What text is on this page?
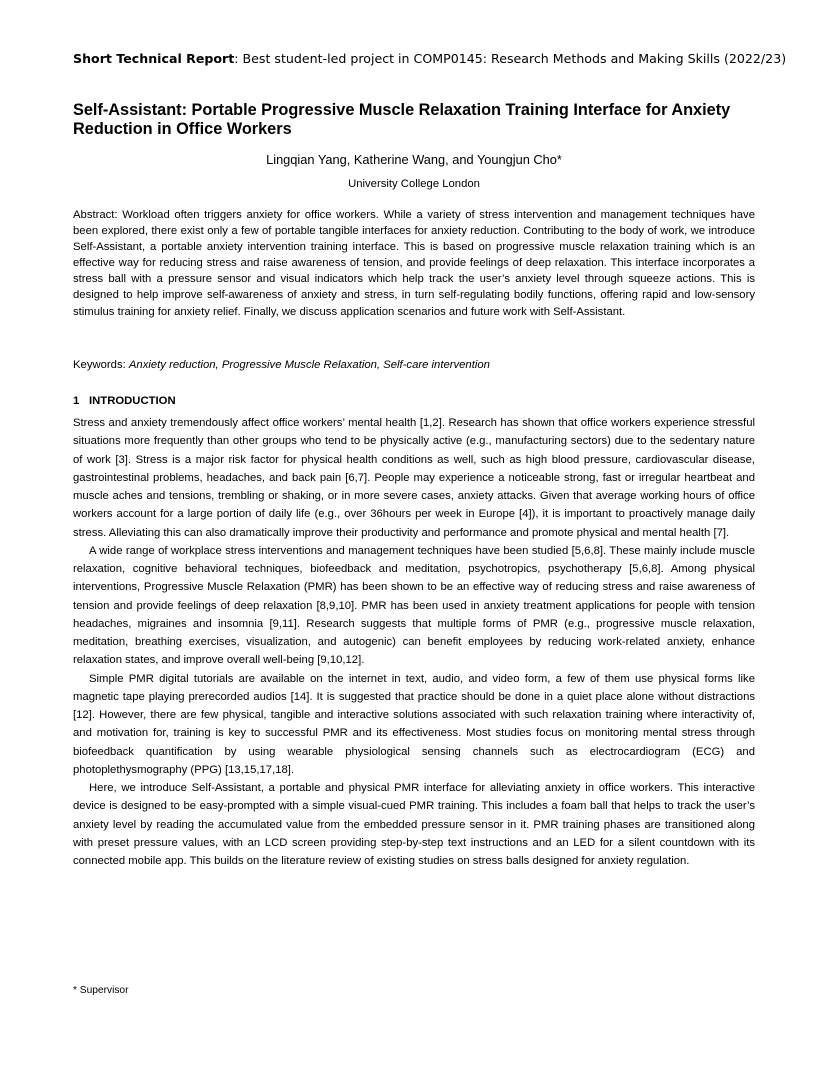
Short Technical Report: Best student-led project in COMP0145: Research Methods and Making Skills (2022/23)
Self-Assistant: Portable Progressive Muscle Relaxation Training Interface for Anxiety Reduction in Office Workers
Lingqian Yang, Katherine Wang, and Youngjun Cho*
University College London

Abstract: Workload often triggers anxiety for office workers. While a variety of stress intervention and management techniques have been explored, there exist only a few of portable tangible interfaces for anxiety reduction. Contributing to the body of work, we introduce Self-Assistant, a portable anxiety intervention training interface. This is based on progressive muscle relaxation training which is an effective way for reducing stress and raise awareness of tension, and provide feelings of deep relaxation. This interface incorporates a stress ball with a pressure sensor and visual indicators which help track the user’s anxiety level through squeeze actions. This is designed to help improve self-awareness of anxiety and stress, in turn self-regulating bodily functions, offering rapid and low-sensory stimulus training for anxiety relief. Finally, we discuss application scenarios and future work with Self-Assistant.

Keywords: Anxiety reduction, Progressive Muscle Relaxation, Self-care intervention

1 INTRODUCTION

Stress and anxiety tremendously affect office workers’ mental health [1,2]. Research has shown that office workers experience stressful situations more frequently than other groups who tend to be physically active (e.g., manufacturing sectors) due to the sedentary nature of work [3]. Stress is a major risk factor for physical health conditions as well, such as high blood pressure, cardiovascular disease, gastrointestinal problems, headaches, and back pain [6,7]. People may experience a noticeable strong, fast or irregular heartbeat and muscle aches and tensions, trembling or shaking, or in more severe cases, anxiety attacks. Given that average working hours of office workers account for a large portion of daily life (e.g., over 36hours per week in Europe [4]), it is important to proactively manage daily stress. Alleviating this can also dramatically improve their productivity and performance and promote physical and mental health [7].

A wide range of workplace stress interventions and management techniques have been studied [5,6,8]. These mainly include muscle relaxation, cognitive behavioral techniques, biofeedback and meditation, psychotropics, psychotherapy [5,6,8]. Among physical interventions, Progressive Muscle Relaxation (PMR) has been shown to be an effective way of reducing stress and raise awareness of tension and provide feelings of deep relaxation [8,9,10]. PMR has been used in anxiety treatment applications for people with tension headaches, migraines and insomnia [9,11]. Research suggests that multiple forms of PMR (e.g., progressive muscle relaxation, meditation, breathing exercises, visualization, and autogenic) can benefit employees by reducing work-related anxiety, enhance relaxation states, and improve overall well-being [9,10,12].

Simple PMR digital tutorials are available on the internet in text, audio, and video form, a few of them use physical forms like magnetic tape playing prerecorded audios [14]. It is suggested that practice should be done in a quiet place alone without distractions [12]. However, there are few physical, tangible and interactive solutions associated with such relaxation training where interactivity of, and motivation for, training is key to successful PMR and its effectiveness. Most studies focus on monitoring mental stress through biofeedback quantification by using wearable physiological sensing channels such as electrocardiogram (ECG) and photoplethysmography (PPG) [13,15,17,18].

Here, we introduce Self-Assistant, a portable and physical PMR interface for alleviating anxiety in office workers. This interactive device is designed to be easy-prompted with a simple visual-cued PMR training. This includes a foam ball that helps to track the user’s anxiety level by reading the accumulated value from the embedded pressure sensor in it. PMR training phases are transitioned along with preset pressure values, with an LCD screen providing step-by-step text instructions and an LED for a silent countdown with its connected mobile app. This builds on the literature review of existing studies on stress balls designed for anxiety regulation.

* Supervisor
